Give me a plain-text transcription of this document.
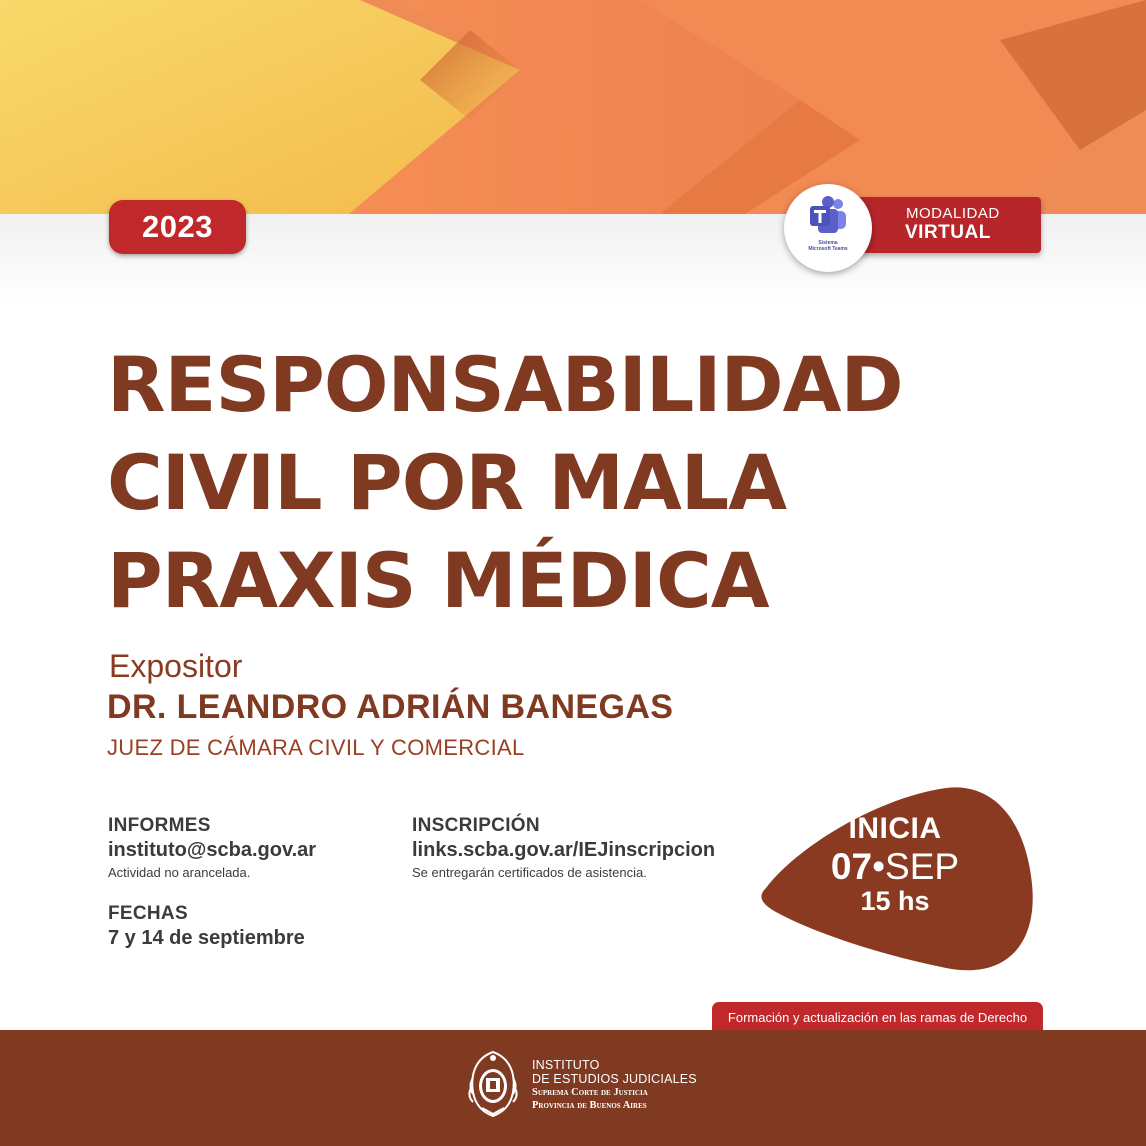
2023	MODALIDAD
VIRTUAL
Sistema
Microsoft Teams
RESPONSABILIDAD
CIVIL POR MALA
PRAXIS MÉDICA
Expositor
DR. LEANDRO ADRIÁN BANEGAS
JUEZ DE CÁMARA CIVIL Y COMERCIAL
INFORMES
instituto@scba.gov.ar
Actividad no arancelada.
INSCRIPCIÓN
links.scba.gov.ar/IEJinscripcion
Se entregarán certificados de asistencia.
FECHAS
7 y 14 de septiembre
INICIA
07•SEP
15 hs
Formación y actualización en las ramas de Derecho
INSTITUTO
DE ESTUDIOS JUDICIALES
Suprema Corte de Justicia
Provincia de Buenos Aires
